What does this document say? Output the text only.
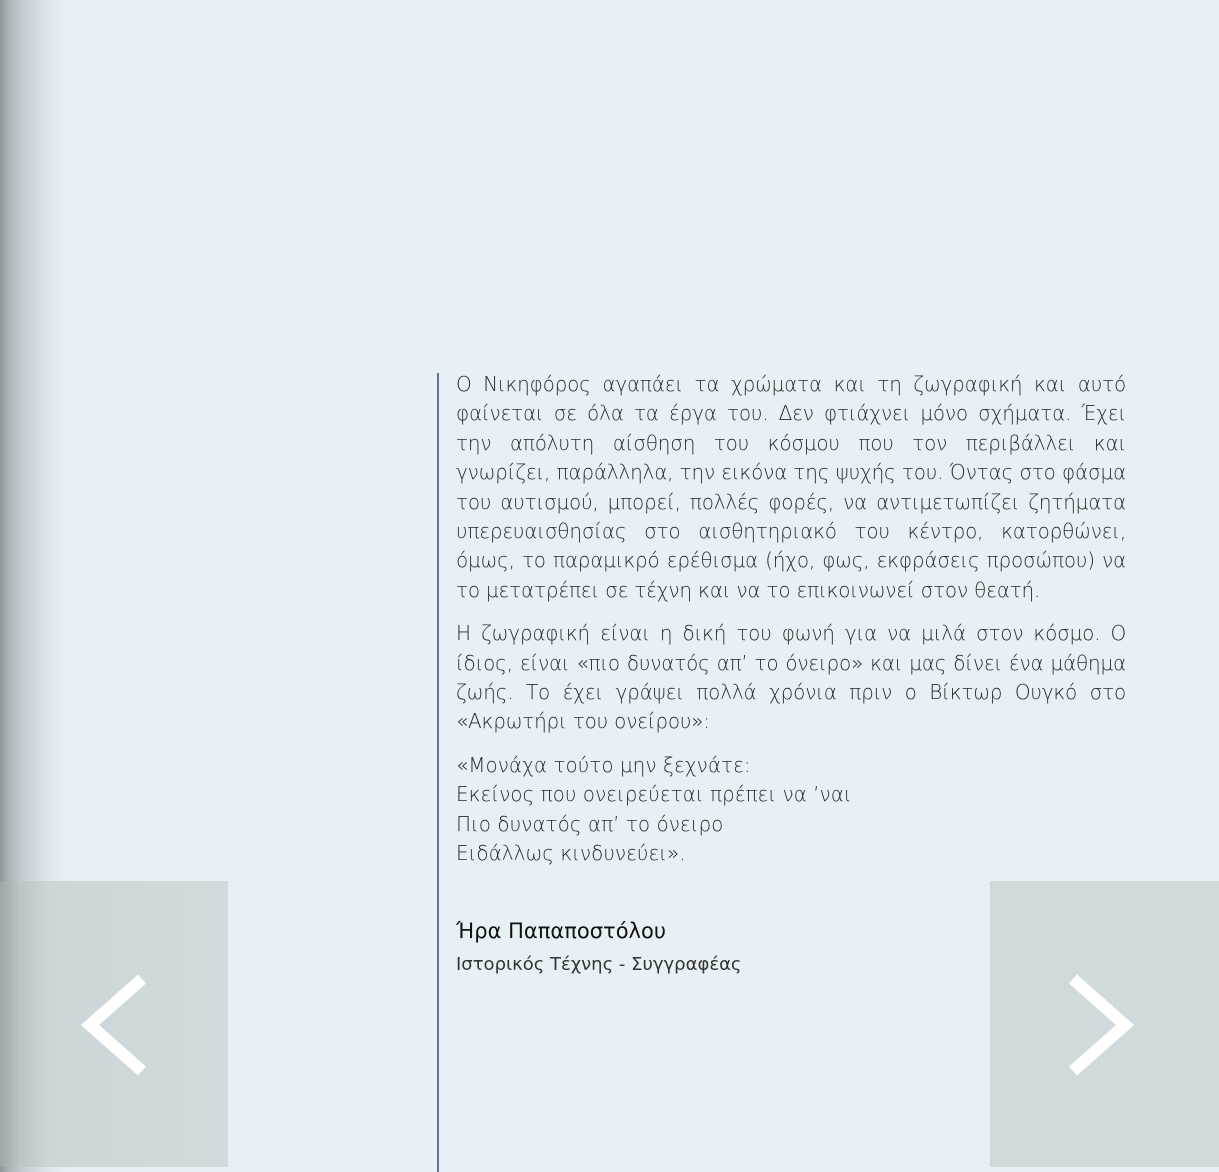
Ο Νικηφόρος αγαπάει τα χρώματα και τη ζωγραφική και αυτό φαίνεται σε όλα τα έργα του. Δεν φτιάχνει μόνο σχήματα. Έχει την απόλυτη αίσθηση του κόσμου που τον περιβάλλει και γνωρίζει, παράλληλα, την εικόνα της ψυχής του. Όντας στο φάσμα του αυτισμού, μπορεί, πολλές φορές, να αντιμετωπίζει ζητήματα υπερευαισθησίας στο αισθητηριακό του κέντρο, κατορθώνει, όμως, το παραμικρό ερέθισμα (ήχο, φως, εκφράσεις προσώπου) να το μετατρέπει σε τέχνη και να το επικοινωνεί στον θεατή.

Η ζωγραφική είναι η δική του φωνή για να μιλά στον κόσμο. Ο ίδιος, είναι «πιο δυνατός απ’ το όνειρο» και μας δίνει ένα μάθημα ζωής. Το έχει γράψει πολλά χρόνια πριν ο Βίκτωρ Ουγκό στο «Ακρωτήρι του ονείρου»:

«Μονάχα τούτο μην ξεχνάτε:
Εκείνος που ονειρεύεται πρέπει να ’ναι
Πιο δυνατός απ’ το όνειρο
Ειδάλλως κινδυνεύει».
Ήρα Παπαποστόλου
Ιστορικός Τέχνης - Συγγραφέας
